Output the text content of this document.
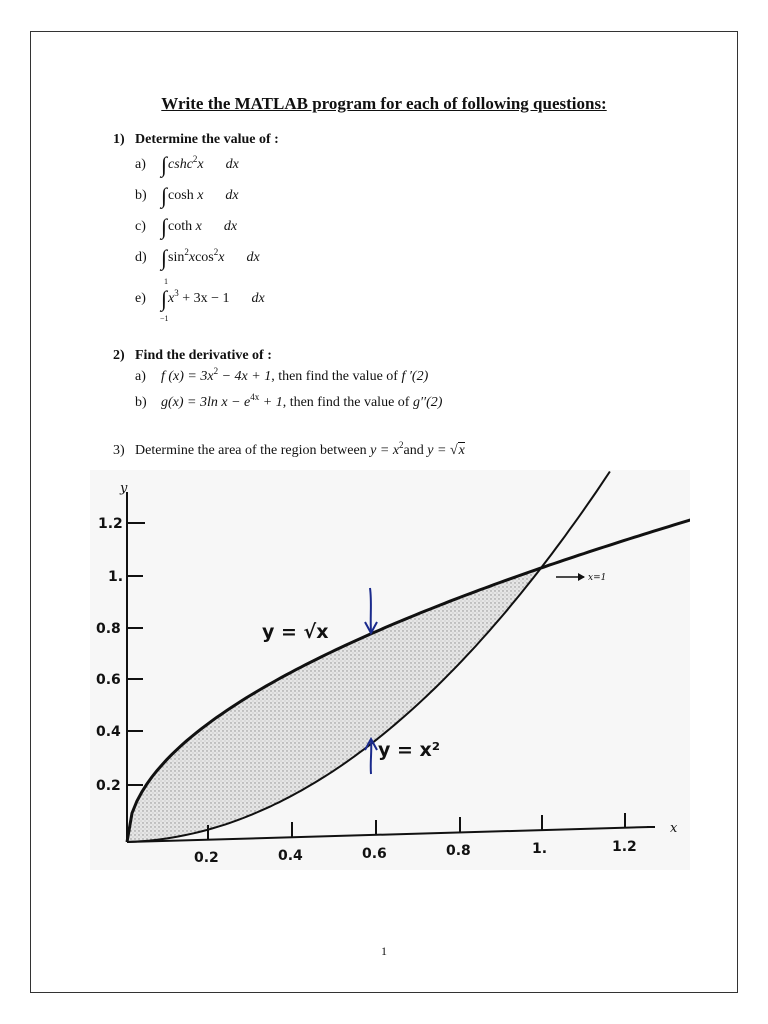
Write the MATLAB program for each of following questions:
1) Determine the value of :
a) ∫cshc$^2$x dx
b) ∫cosh x dx
c) ∫coth x dx
d) $\int\sin^2xcos^2x$ dx
e)
1
∫
−1
$x^3 + 3x - 1$ dx
2) Find the derivative of :
a) f $(x) = 3x^2 - 4x + 1$, then find the value of f ′(2)
b) g(x) = 3ln $x - e^{4x} + 1$, then find the value of g′′(2)
3) Determine the area of the region between $y = x^2and$ y = √x
y
x
1.2
1.
0.8
0.6
0.4
0.2
0.2	0.4	0.6	0.8	1.	1.2
y = √x
y = x²
x=1
1
